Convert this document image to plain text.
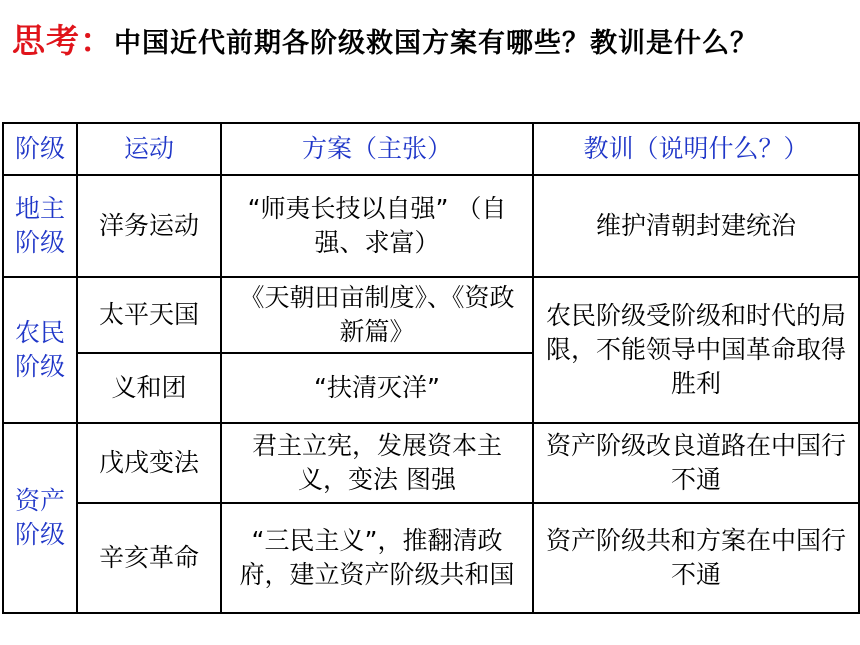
思考：中国近代前期各阶级救国方案有哪些？教训是什么？
阶级	运动	方案（主张）	教训（说明什么？）
地主阶级	洋务运动	“师夷长技以自强” （自强、求富）	维护清朝封建统治
农民阶级	太平天国	《天朝田亩制度》、《资政新篇》	农民阶级受阶级和时代的局限，不能领导中国革命取得胜利
	义和团	“扶清灭洋”	
资产阶级	戊戌变法	君主立宪，发展资本主义，变法 图强	资产阶级改良道路在中国行不通
	辛亥革命	“三民主义”，推翻清政府，建立资产阶级共和国	资产阶级共和方案在中国行不通
